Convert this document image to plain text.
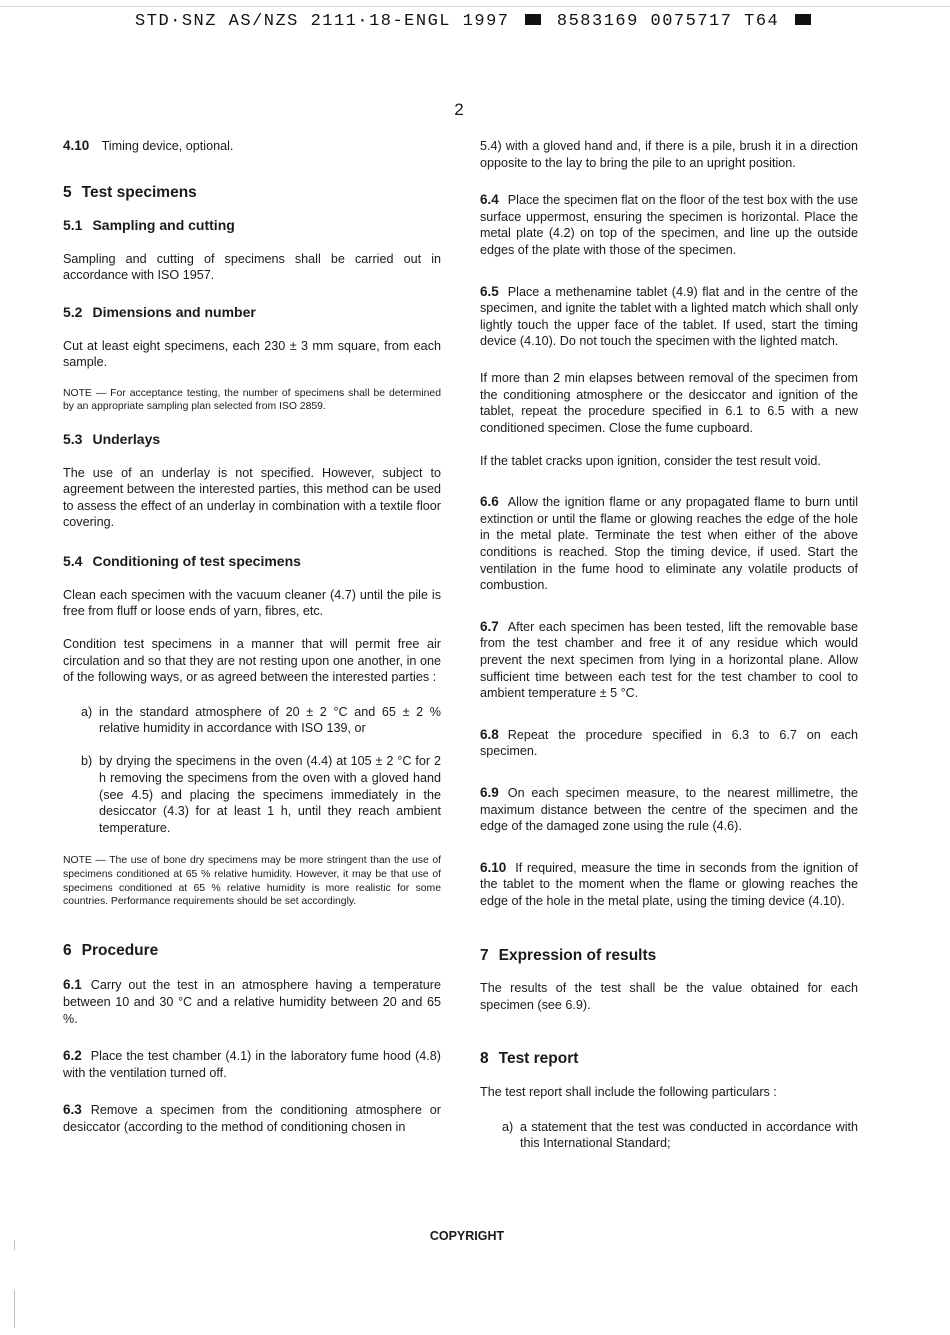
STD·SNZ AS/NZS 2111·18-ENGL 1997	8583169 0075717 T64
2

4.10 Timing device, optional.

5 Test specimens
5.1 Sampling and cutting

Sampling and cutting of specimens shall be carried out in accordance with ISO 1957.

5.2 Dimensions and number

Cut at least eight specimens, each 230 ± 3 mm square, from each sample.

NOTE — For acceptance testing, the number of specimens shall be determined by an appropriate sampling plan selected from ISO 2859.

5.3 Underlays

The use of an underlay is not specified. However, subject to agreement between the interested parties, this method can be used to assess the effect of an underlay in combination with a textile floor covering.

5.4 Conditioning of test specimens

Clean each specimen with the vacuum cleaner (4.7) until the pile is free from fluff or loose ends of yarn, fibres, etc.

Condition test specimens in a manner that will permit free air circulation and so that they are not resting upon one another, in one of the following ways, or as agreed between the interested parties :

a) in the standard atmosphere of 20 ± 2 °C and 65 ± 2 % relative humidity in accordance with ISO 139, or

b) by drying the specimens in the oven (4.4) at 105 ± 2 °C for 2 h removing the specimens from the oven with a gloved hand (see 4.5) and placing the specimens immediately in the desiccator (4.3) for at least 1 h, until they reach ambient temperature.

NOTE — The use of bone dry specimens may be more stringent than the use of specimens conditioned at 65 % relative humidity. However, it may be that use of specimens conditioned at 65 % relative humidity is more realistic for some countries. Performance requirements should be set accordingly.

6 Procedure

6.1 Carry out the test in an atmosphere having a temperature between 10 and 30 °C and a relative humidity between 20 and 65 %.

6.2 Place the test chamber (4.1) in the laboratory fume hood (4.8) with the ventilation turned off.

6.3 Remove a specimen from the conditioning atmosphere or desiccator (according to the method of conditioning chosen in

5.4) with a gloved hand and, if there is a pile, brush it in a direction opposite to the lay to bring the pile to an upright position.

6.4 Place the specimen flat on the floor of the test box with the use surface uppermost, ensuring the specimen is horizontal. Place the metal plate (4.2) on top of the specimen, and line up the outside edges of the plate with those of the specimen.

6.5 Place a methenamine tablet (4.9) flat and in the centre of the specimen, and ignite the tablet with a lighted match which shall only lightly touch the upper face of the tablet. If used, start the timing device (4.10). Do not touch the specimen with the lighted match.

If more than 2 min elapses between removal of the specimen from the conditioning atmosphere or the desiccator and ignition of the tablet, repeat the procedure specified in 6.1 to 6.5 with a new conditioned specimen. Close the fume cupboard.

If the tablet cracks upon ignition, consider the test result void.

6.6 Allow the ignition flame or any propagated flame to burn until extinction or until the flame or glowing reaches the edge of the hole in the metal plate. Terminate the test when either of the above conditions is reached. Stop the timing device, if used. Start the ventilation in the fume hood to eliminate any volatile products of combustion.

6.7 After each specimen has been tested, lift the removable base from the test chamber and free it of any residue which would prevent the next specimen from lying in a horizontal plane. Allow sufficient time between each test for the test chamber to cool to ambient temperature ± 5 °C.

6.8 Repeat the procedure specified in 6.3 to 6.7 on each specimen.

6.9 On each specimen measure, to the nearest millimetre, the maximum distance between the centre of the specimen and the edge of the damaged zone using the rule (4.6).

6.10 If required, measure the time in seconds from the ignition of the tablet to the moment when the flame or glowing reaches the edge of the hole in the metal plate, using the timing device (4.10).

7 Expression of results

The results of the test shall be the value obtained for each specimen (see 6.9).

8 Test report

The test report shall include the following particulars :

a) a statement that the test was conducted in accordance with this International Standard;

COPYRIGHT
